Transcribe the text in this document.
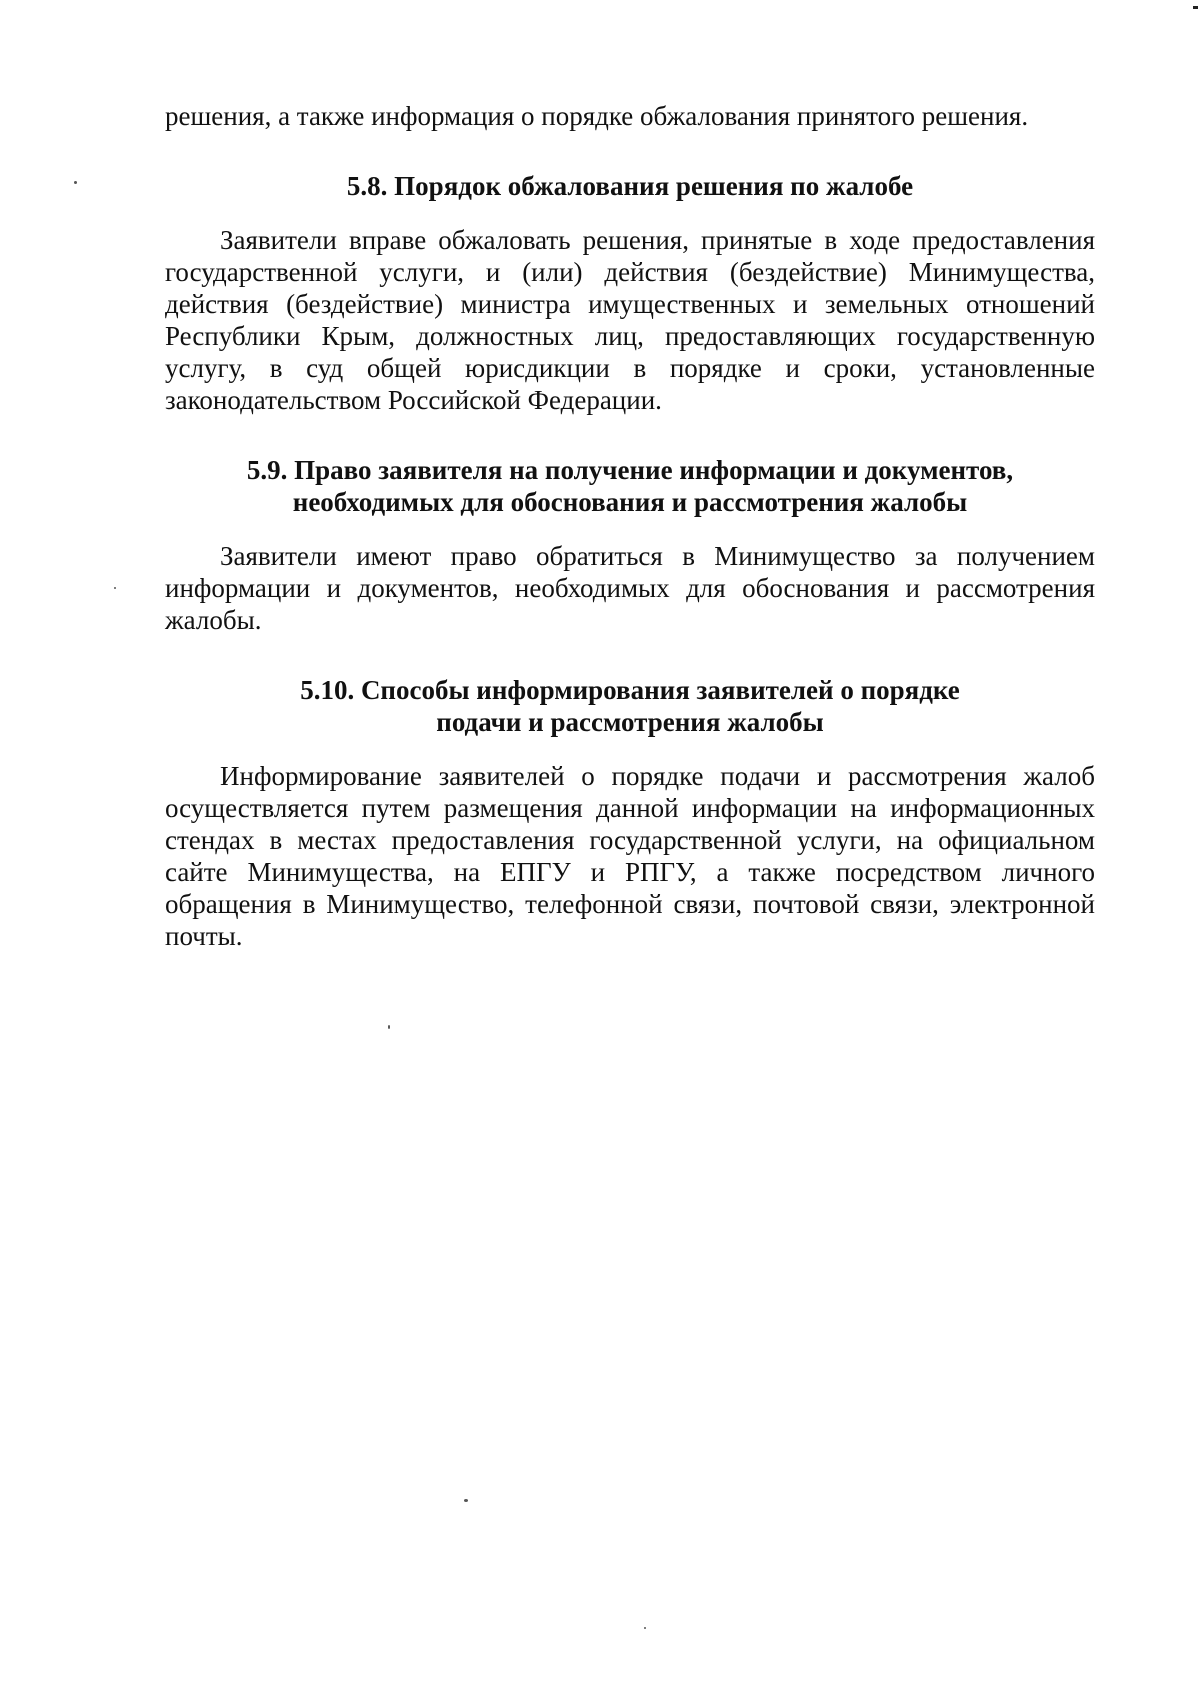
решения, а также информация о порядке обжалования принятого решения.

5.8. Порядок обжалования решения по жалобе

Заявители вправе обжаловать решения, принятые в ходе предоставления государственной услуги, и (или) действия (бездействие) Минимущества, действия (бездействие) министра имущественных и земельных отношений Республики Крым, должностных лиц, предоставляющих государственную услугу, в суд общей юрисдикции в порядке и сроки, установленные законодательством Российской Федерации.

5.9. Право заявителя на получение информации и документов,
необходимых для обоснования и рассмотрения жалобы

Заявители имеют право обратиться в Минимущество за получением информации и документов, необходимых для обоснования и рассмотрения жалобы.

5.10. Способы информирования заявителей о порядке
подачи и рассмотрения жалобы

Информирование заявителей о порядке подачи и рассмотрения жалоб осуществляется путем размещения данной информации на информационных стендах в местах предоставления государственной услуги, на официальном сайте Минимущества, на ЕПГУ и РПГУ, а также посредством личного обращения в Минимущество, телефонной связи, почтовой связи, электронной почты.
